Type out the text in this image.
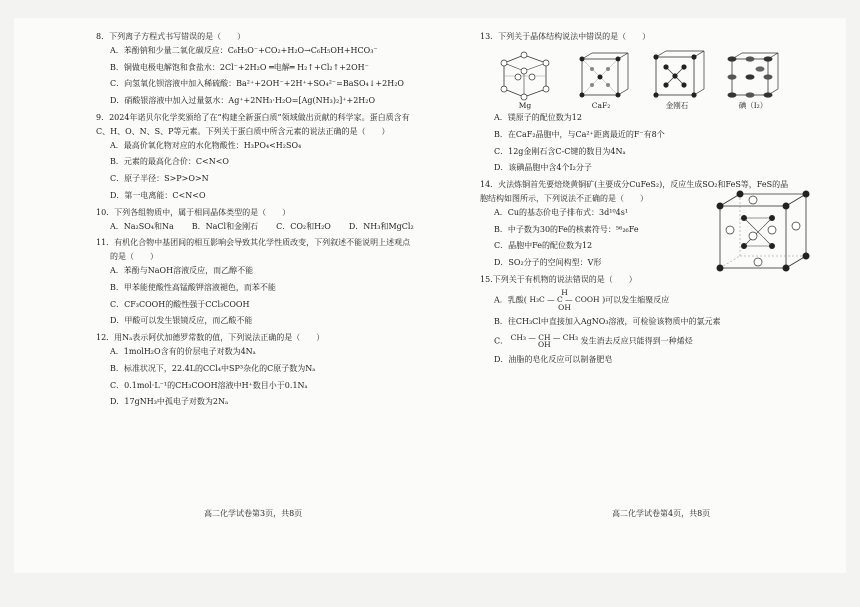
8．下列离子方程式书写错误的是（　　）

A．苯酚钠和少量二氧化碳反应：C₆H₅O⁻+CO₂+H₂O→C₆H₅OH+HCO₃⁻

B．铜做电极电解饱和食盐水：2Cl⁻+2H₂O ═电解═ H₂↑+Cl₂↑+2OH⁻

C．向氢氧化钡溶液中加入稀硫酸：Ba²⁺+2OH⁻+2H⁺+SO₄²⁻=BaSO₄↓+2H₂O

D．硝酸银溶液中加入过量氨水：Ag⁺+2NH₃·H₂O=[Ag(NH₃)₂]⁺+2H₂O

9．2024年诺贝尔化学奖颁给了在“构建全新蛋白质”领域做出贡献的科学家。蛋白质含有

C、H、O、N、S、P等元素。下列关于蛋白质中所含元素的说法正确的是（　　）

A．最高价氧化物对应的水化物酸性：H₃PO₄<H₂SO₄

B．元素的最高化合价：C<N<O

C．原子半径：S>P>O>N

D．第一电离能：C<N<O

10．下列各组物质中，属于相同晶体类型的是（　　）

A．Na₂SO₄和Na B．NaCl和金刚石 C．CO₂和H₂O D．NH₃和MgCl₂

11．有机化合物中基团间的相互影响会导致其化学性质改变，下列叙述不能说明上述观点

的是（　　）

A．苯酚与NaOH溶液反应，而乙醇不能

B．甲苯能使酸性高锰酸钾溶液褪色，而苯不能

C．CF₃COOH的酸性强于CCl₃COOH

D．甲酸可以发生银镜反应，而乙酸不能

12．用Nₐ表示阿伏加德罗常数的值，下列说法正确的是（　　）

A．1molH₂O含有的价层电子对数为4Nₐ

B．标准状况下，22.4L的CCl₄中SP³杂化的C原子数为Nₐ

C．0.1mol·L⁻¹的CH₃COOH溶液中H⁺数目小于0.1Nₐ

D．17gNH₃中孤电子对数为2Nₐ

高二化学试卷第3页，共8页

13．下列关于晶体结构说法中错误的是（　　）

Mg	CaF₂	金刚石	碘（I₂）

A．镁原子的配位数为12

B．在CaF₂晶胞中，与Ca²⁺距离最近的F⁻有8个

C．12g金刚石含C-C键的数目为4Nₐ

D．该碘晶胞中含4个I₂分子

14．火法炼铜首先要焙烧黄铜矿(主要成分CuFeS₂)，反应生成SO₂和FeS等，FeS的晶

胞结构如图所示，下列说法不正确的是（　　）

A．Cu的基态价电子排布式：3d¹⁰4s¹

B．中子数为30的Fe的核素符号：⁵⁶₂₆Fe

C．晶胞中Fe的配位数为12

D．SO₂分子的空间构型：V形

15.下列关于有机物的说法错误的是（　　）

A．乳酸(
H
H₃C — C — COOH
OH
)可以发生缩聚反应

B．往CH₃Cl中直接加入AgNO₃溶液，可检验该物质中的氯元素

C． CH₃ — CH — CH₃
OH	发生消去反应只能得到一种烯烃

D．油脂的皂化反应可以制备肥皂

高二化学试卷第4页，共8页
